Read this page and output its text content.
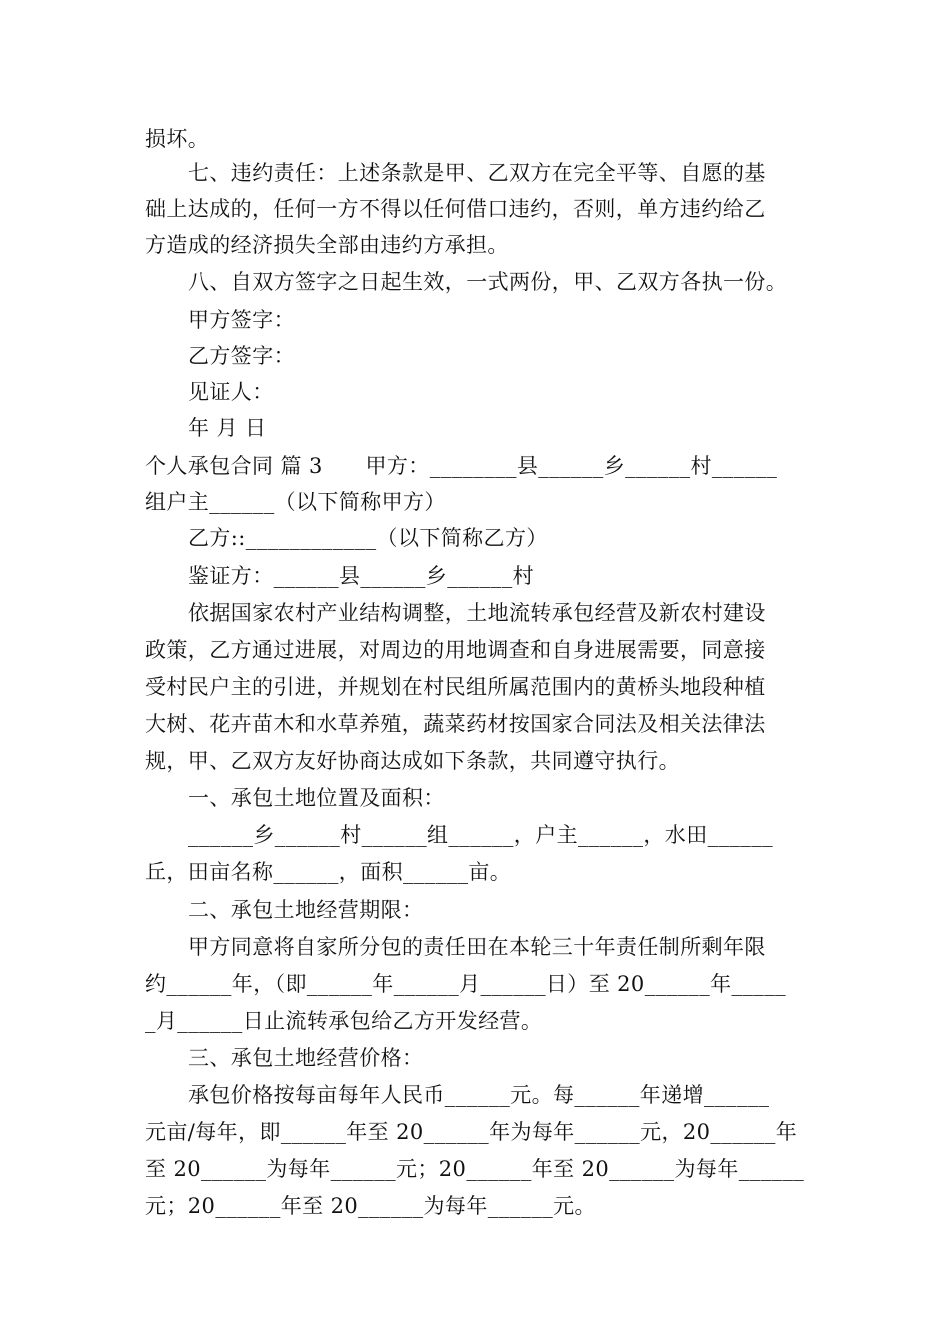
损坏。
七、违约责任：上述条款是甲、乙双方在完全平等、自愿的基
础上达成的，任何一方不得以任何借口违约，否则，单方违约给乙
方造成的经济损失全部由违约方承担。
八、自双方签字之日起生效，一式两份，甲、乙双方各执一份。
甲方签字：
乙方签字：
见证人：
年 月 日
个人承包合同 篇 3　　甲方：________县______乡______村______
组户主______（以下简称甲方）
乙方::____________（以下简称乙方）
鉴证方：______县______乡______村
依据国家农村产业结构调整，土地流转承包经营及新农村建设
政策，乙方通过进展，对周边的用地调查和自身进展需要，同意接
受村民户主的引进，并规划在村民组所属范围内的黄桥头地段种植
大树、花卉苗木和水草养殖，蔬菜药材按国家合同法及相关法律法
规，甲、乙双方友好协商达成如下条款，共同遵守执行。
一、承包土地位置及面积：
______乡______村______组______，户主______，水田______
丘，田亩名称______，面积______亩。
二、承包土地经营期限：
甲方同意将自家所分包的责任田在本轮三十年责任制所剩年限
约______年，（即______年______月______日）至 20______年_____
_月______日止流转承包给乙方开发经营。
三、承包土地经营价格：
承包价格按每亩每年人民币______元。每______年递增______
元亩/每年，即______年至 20______年为每年______元，20______年
至 20______为每年______元；20______年至 20______为每年______
元；20______年至 20______为每年______元。
